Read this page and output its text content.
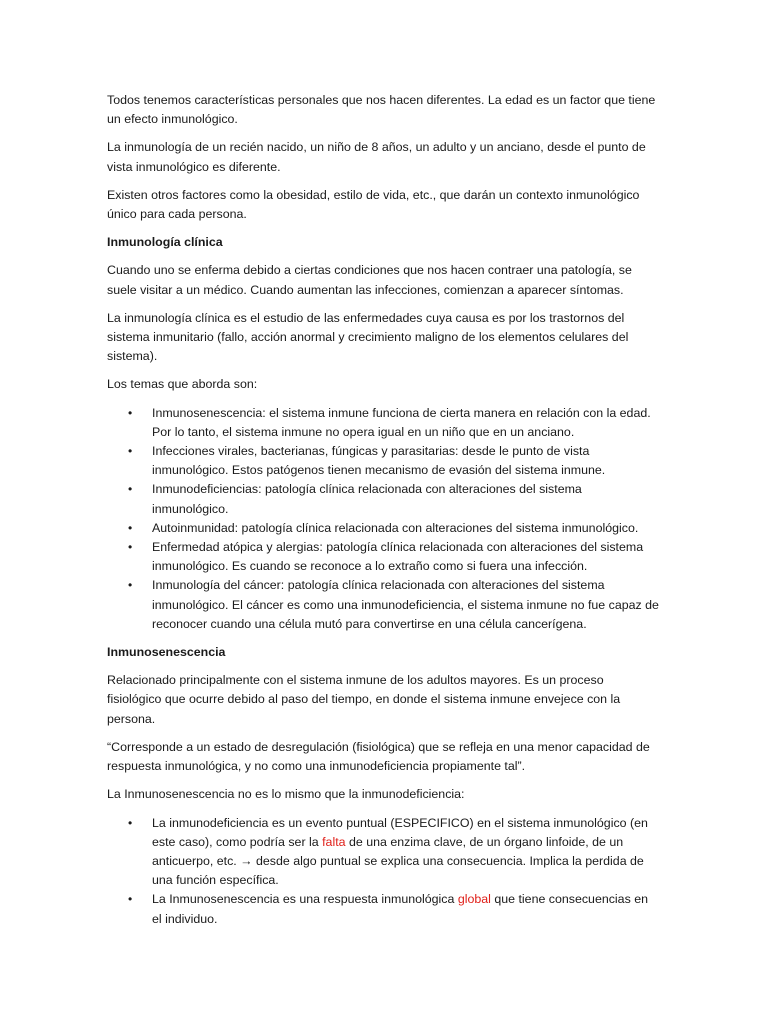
Todos tenemos características personales que nos hacen diferentes. La edad es un factor que tiene un efecto inmunológico.

La inmunología de un recién nacido, un niño de 8 años, un adulto y un anciano, desde el punto de vista inmunológico es diferente.

Existen otros factores como la obesidad, estilo de vida, etc., que darán un contexto inmunológico único para cada persona.

Inmunología clínica

Cuando uno se enferma debido a ciertas condiciones que nos hacen contraer una patología, se suele visitar a un médico. Cuando aumentan las infecciones, comienzan a aparecer síntomas.

La inmunología clínica es el estudio de las enfermedades cuya causa es por los trastornos del sistema inmunitario (fallo, acción anormal y crecimiento maligno de los elementos celulares del sistema).

Los temas que aborda son:

• Inmunosenescencia: el sistema inmune funciona de cierta manera en relación con la edad. Por lo tanto, el sistema inmune no opera igual en un niño que en un anciano.
• Infecciones virales, bacterianas, fúngicas y parasitarias: desde le punto de vista inmunológico. Estos patógenos tienen mecanismo de evasión del sistema inmune.
• Inmunodeficiencias: patología clínica relacionada con alteraciones del sistema inmunológico.
• Autoinmunidad: patología clínica relacionada con alteraciones del sistema inmunológico.
• Enfermedad atópica y alergias: patología clínica relacionada con alteraciones del sistema inmunológico. Es cuando se reconoce a lo extraño como si fuera una infección.
• Inmunología del cáncer: patología clínica relacionada con alteraciones del sistema inmunológico. El cáncer es como una inmunodeficiencia, el sistema inmune no fue capaz de reconocer cuando una célula mutó para convertirse en una célula cancerígena.
Inmunosenescencia

Relacionado principalmente con el sistema inmune de los adultos mayores. Es un proceso fisiológico que ocurre debido al paso del tiempo, en donde el sistema inmune envejece con la persona.

“Corresponde a un estado de desregulación (fisiológica) que se refleja en una menor capacidad de respuesta inmunológica, y no como una inmunodeficiencia propiamente tal”.

La Inmunosenescencia no es lo mismo que la inmunodeficiencia:

• La inmunodeficiencia es un evento puntual (ESPECIFICO) en el sistema inmunológico (en este caso), como podría ser la falta de una enzima clave, de un órgano linfoide, de un anticuerpo, etc. → desde algo puntual se explica una consecuencia. Implica la perdida de una función específica.
• La Inmunosenescencia es una respuesta inmunológica global que tiene consecuencias en el individuo.
